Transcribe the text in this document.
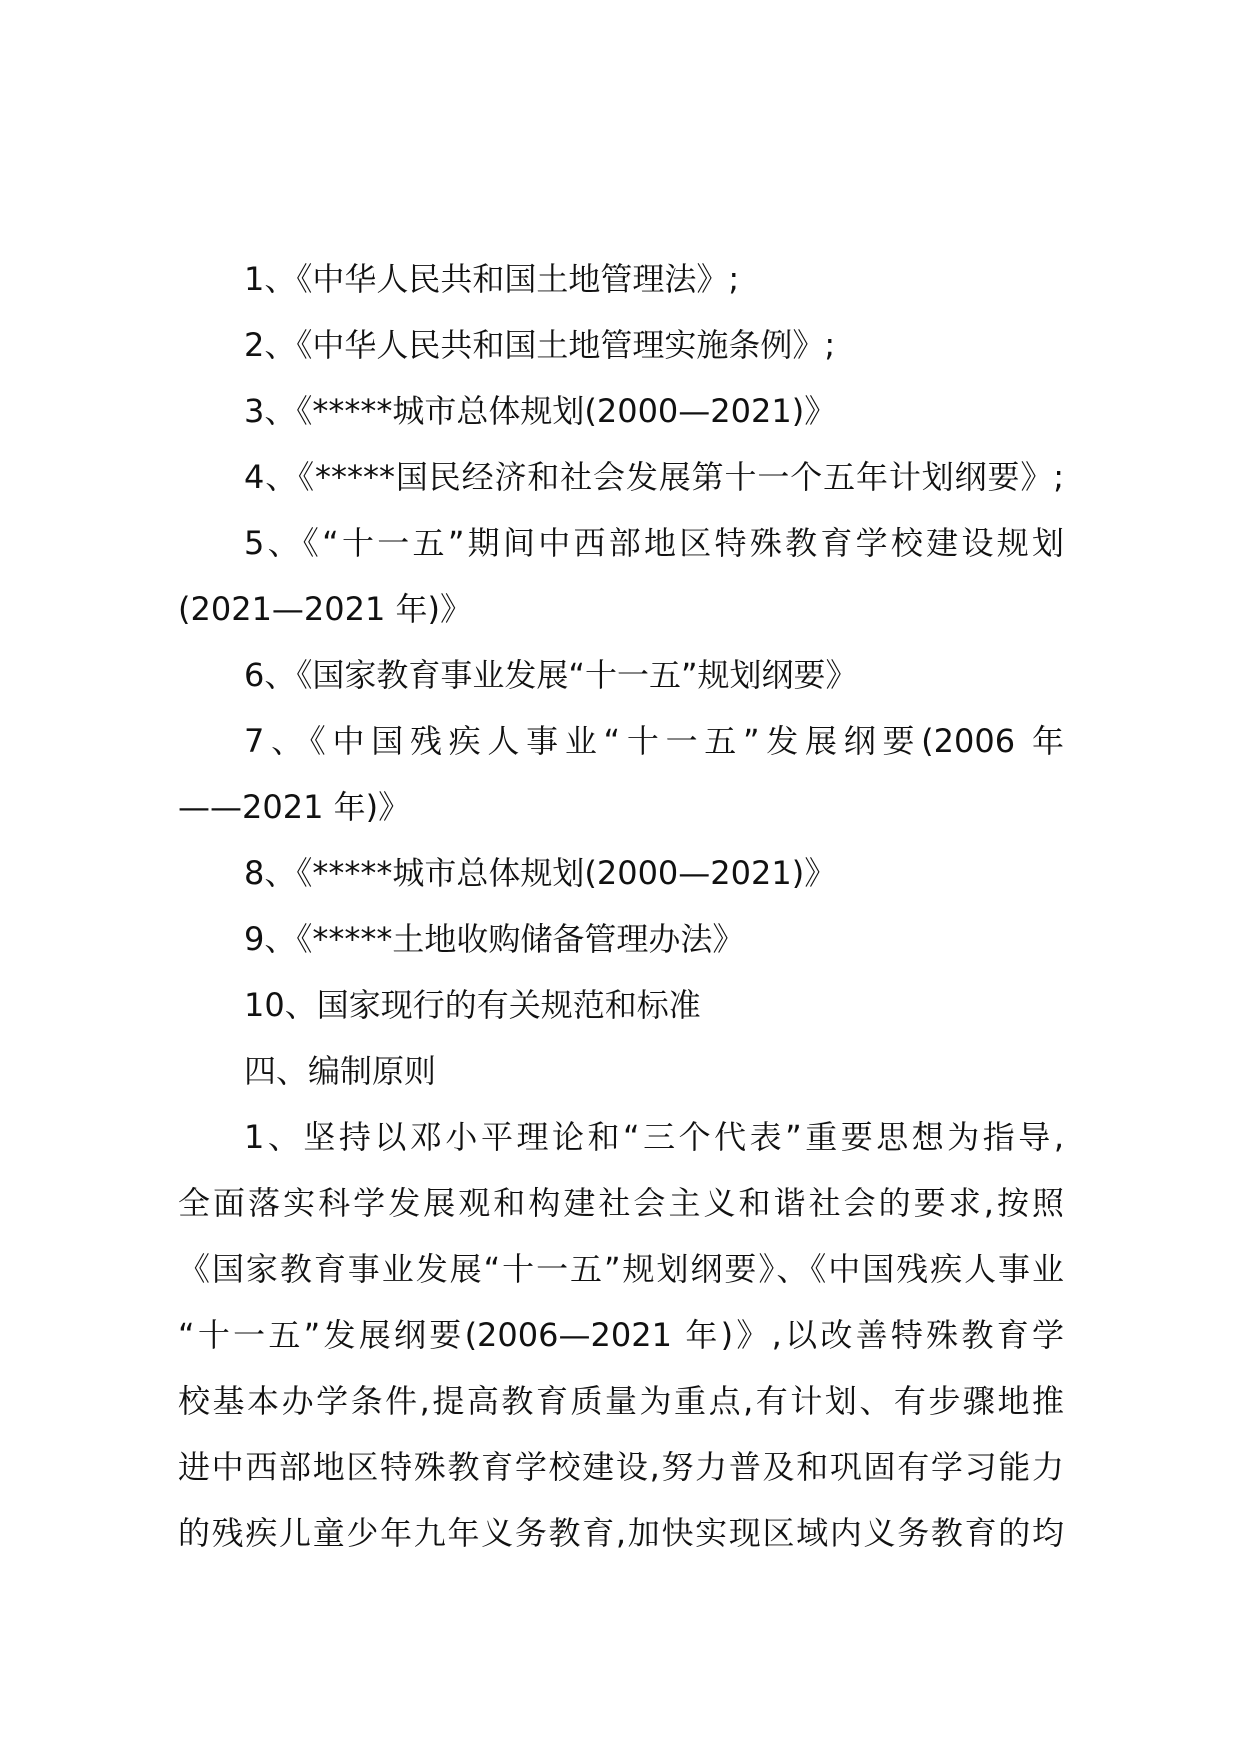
1、《中华人民共和国土地管理法》;
2、《中华人民共和国土地管理实施条例》;
3、《*****城市总体规划(2000—2021)》
4、《*****国民经济和社会发展第十一个五年计划纲要》;
5、《“十一五”期间中西部地区特殊教育学校建设规划
(2021—2021 年)》
6、《国家教育事业发展“十一五”规划纲要》
7、《中国残疾人事业“十一五”发展纲要(2006 年
——2021 年)》
8、《*****城市总体规划(2000—2021)》
9、《*****土地收购储备管理办法》
10、国家现行的有关规范和标准
四、编制原则
1、坚持以邓小平理论和“三个代表”重要思想为指导,
全面落实科学发展观和构建社会主义和谐社会的要求,按照
《国家教育事业发展“十一五”规划纲要》、《中国残疾人事业
“十一五”发展纲要(2006—2021 年)》,以改善特殊教育学
校基本办学条件,提高教育质量为重点,有计划、有步骤地推
进中西部地区特殊教育学校建设,努力普及和巩固有学习能力
的残疾儿童少年九年义务教育,加快实现区域内义务教育的均
